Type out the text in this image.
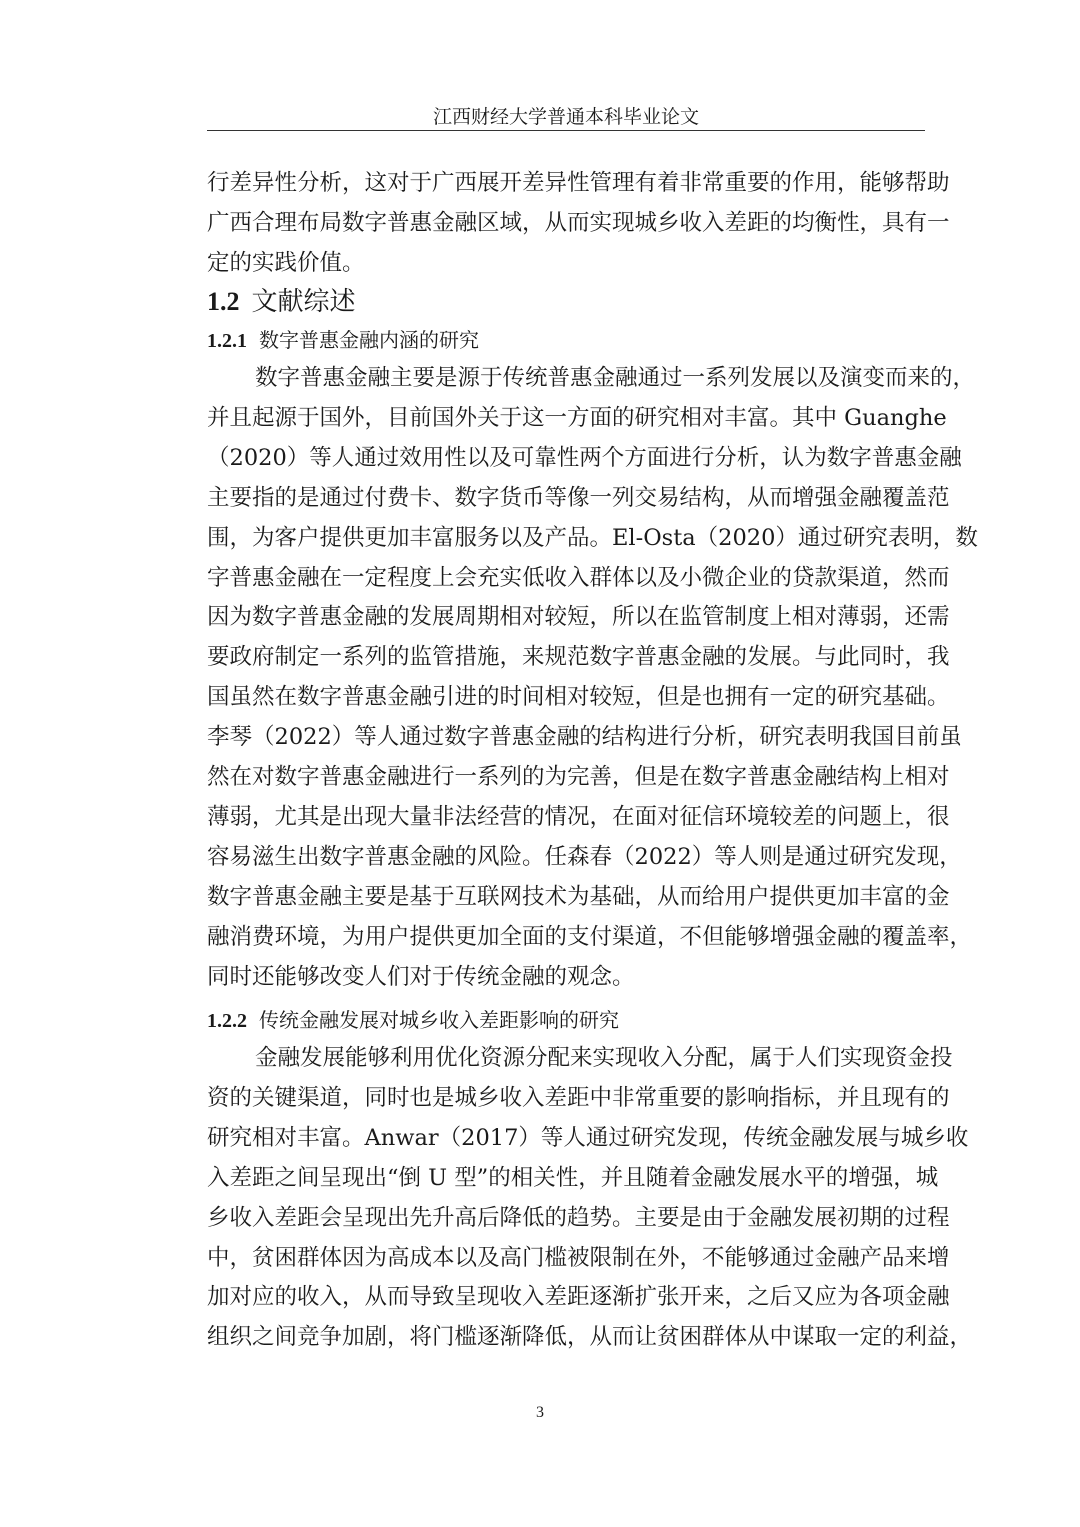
江西财经大学普通本科毕业论文
行差异性分析，这对于广西展开差异性管理有着非常重要的作用，能够帮助
广西合理布局数字普惠金融区域，从而实现城乡收入差距的均衡性，具有一
定的实践价值。
1.2 文献综述
1.2.1 数字普惠金融内涵的研究
数字普惠金融主要是源于传统普惠金融通过一系列发展以及演变而来的，
并且起源于国外，目前国外关于这一方面的研究相对丰富。其中 Guanghe
（2020）等人通过效用性以及可靠性两个方面进行分析，认为数字普惠金融
主要指的是通过付费卡、数字货币等像一列交易结构，从而增强金融覆盖范
围，为客户提供更加丰富服务以及产品。El-Osta（2020）通过研究表明，数
字普惠金融在一定程度上会充实低收入群体以及小微企业的贷款渠道，然而
因为数字普惠金融的发展周期相对较短，所以在监管制度上相对薄弱，还需
要政府制定一系列的监管措施，来规范数字普惠金融的发展。与此同时，我
国虽然在数字普惠金融引进的时间相对较短，但是也拥有一定的研究基础。
李琴（2022）等人通过数字普惠金融的结构进行分析，研究表明我国目前虽
然在对数字普惠金融进行一系列的为完善，但是在数字普惠金融结构上相对
薄弱，尤其是出现大量非法经营的情况，在面对征信环境较差的问题上，很
容易滋生出数字普惠金融的风险。任森春（2022）等人则是通过研究发现，
数字普惠金融主要是基于互联网技术为基础，从而给用户提供更加丰富的金
融消费环境，为用户提供更加全面的支付渠道，不但能够增强金融的覆盖率，
同时还能够改变人们对于传统金融的观念。
1.2.2 传统金融发展对城乡收入差距影响的研究
金融发展能够利用优化资源分配来实现收入分配，属于人们实现资金投
资的关键渠道，同时也是城乡收入差距中非常重要的影响指标，并且现有的
研究相对丰富。Anwar（2017）等人通过研究发现，传统金融发展与城乡收
入差距之间呈现出“倒 U 型”的相关性，并且随着金融发展水平的增强，城
乡收入差距会呈现出先升高后降低的趋势。主要是由于金融发展初期的过程
中，贫困群体因为高成本以及高门槛被限制在外，不能够通过金融产品来增
加对应的收入，从而导致呈现收入差距逐渐扩张开来，之后又应为各项金融
组织之间竞争加剧，将门槛逐渐降低，从而让贫困群体从中谋取一定的利益，
3
